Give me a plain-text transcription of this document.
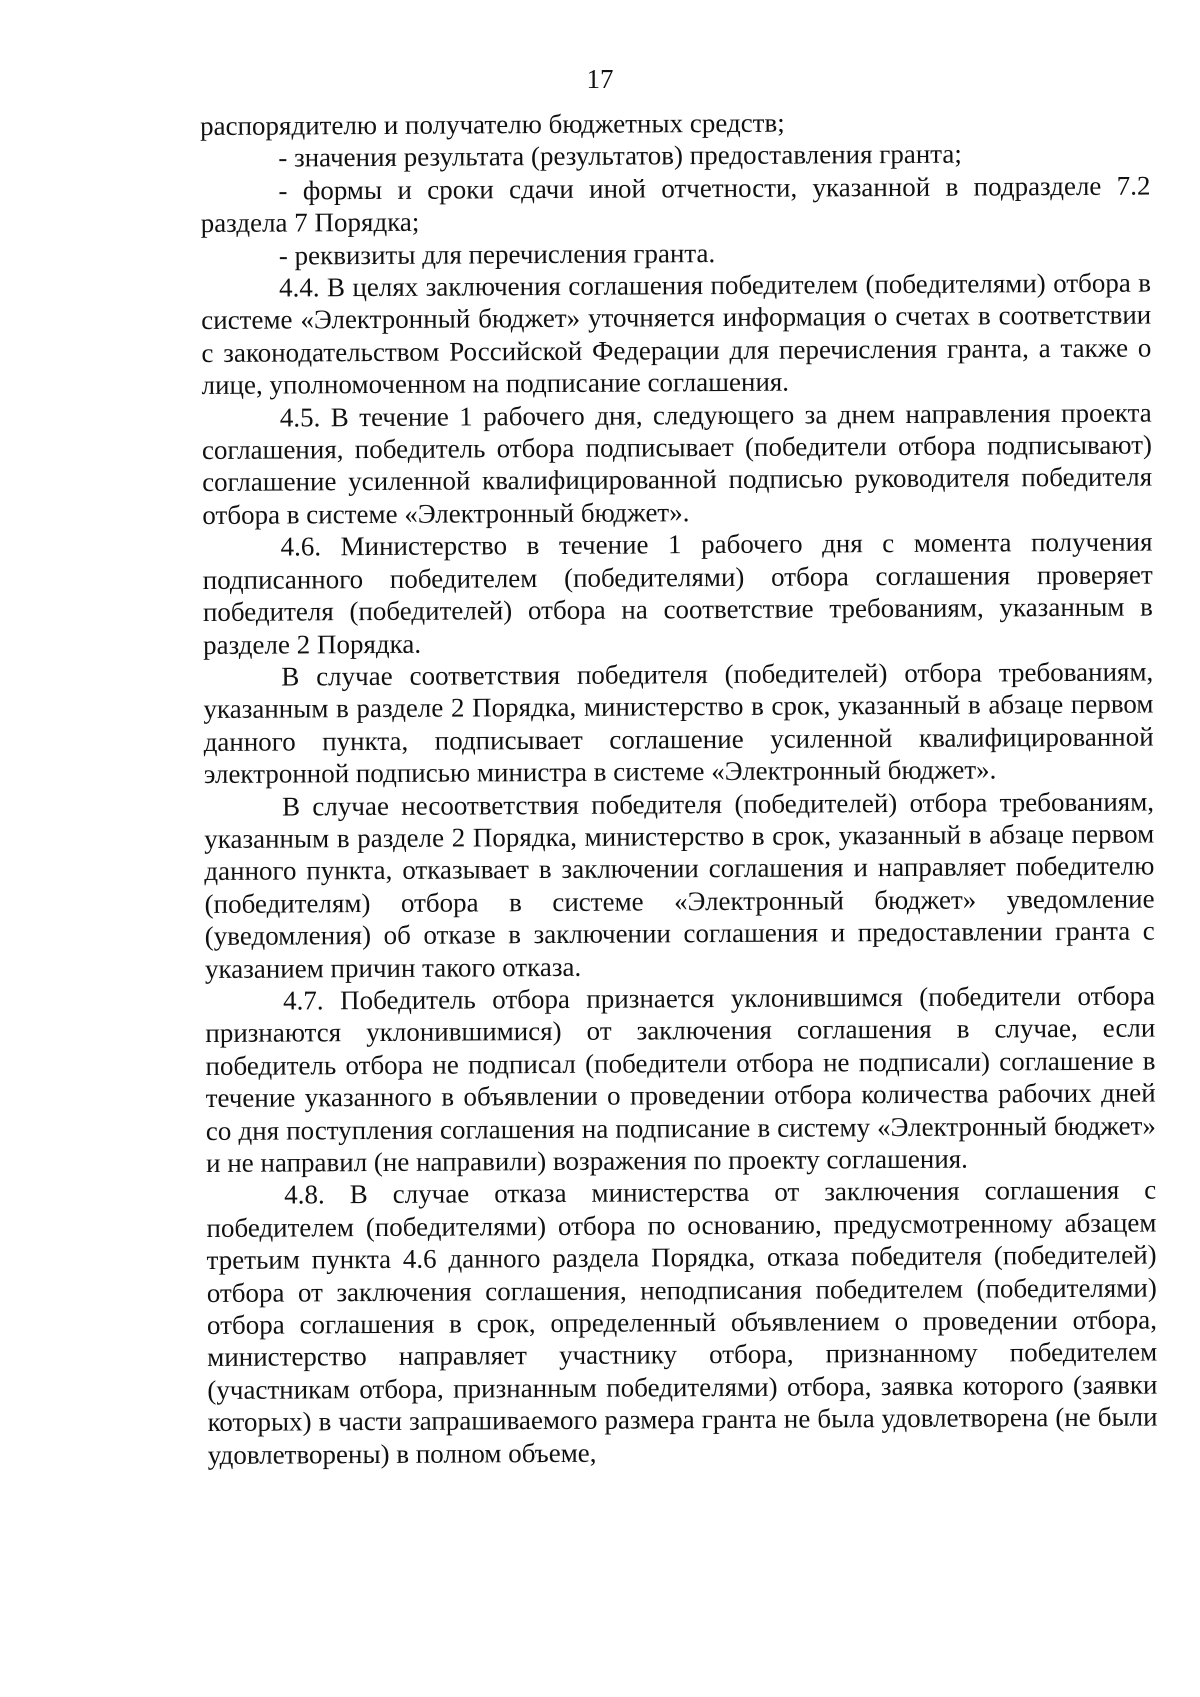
17

распорядителю и получателю бюджетных средств;

- значения результата (результатов) предоставления гранта;

- формы и сроки сдачи иной отчетности, указанной в подразделе 7.2 раздела 7 Порядка;

- реквизиты для перечисления гранта.

4.4. В целях заключения соглашения победителем (победителями) отбора в системе «Электронный бюджет» уточняется информация о счетах в соответствии с законодательством Российской Федерации для перечисления гранта, а также о лице, уполномоченном на подписание соглашения.

4.5. В течение 1 рабочего дня, следующего за днем направления проекта соглашения, победитель отбора подписывает (победители отбора подписывают) соглашение усиленной квалифицированной подписью руководителя победителя отбора в системе «Электронный бюджет».

4.6. Министерство в течение 1 рабочего дня с момента получения подписанного победителем (победителями) отбора соглашения проверяет победителя (победителей) отбора на соответствие требованиям, указанным в разделе 2 Порядка.

В случае соответствия победителя (победителей) отбора требованиям, указанным в разделе 2 Порядка, министерство в срок, указанный в абзаце первом данного пункта, подписывает соглашение усиленной квалифицированной электронной подписью министра в системе «Электронный бюджет».

В случае несоответствия победителя (победителей) отбора требованиям, указанным в разделе 2 Порядка, министерство в срок, указанный в абзаце первом данного пункта, отказывает в заключении соглашения и направляет победителю (победителям) отбора в системе «Электронный бюджет» уведомление (уведомления) об отказе в заключении соглашения и предоставлении гранта с указанием причин такого отказа.

4.7. Победитель отбора признается уклонившимся (победители отбора признаются уклонившимися) от заключения соглашения в случае, если победитель отбора не подписал (победители отбора не подписали) соглашение в течение указанного в объявлении о проведении отбора количества рабочих дней со дня поступления соглашения на подписание в систему «Электронный бюджет» и не направил (не направили) возражения по проекту соглашения.

4.8. В случае отказа министерства от заключения соглашения с победителем (победителями) отбора по основанию, предусмотренному абзацем третьим пункта 4.6 данного раздела Порядка, отказа победителя (победителей) отбора от заключения соглашения, неподписания победителем (победителями) отбора соглашения в срок, определенный объявлением о проведении отбора, министерство направляет участнику отбора, признанному победителем (участникам отбора, признанным победителями) отбора, заявка которого (заявки которых) в части запрашиваемого размера гранта не была удовлетворена (не были удовлетворены) в полном объеме,
